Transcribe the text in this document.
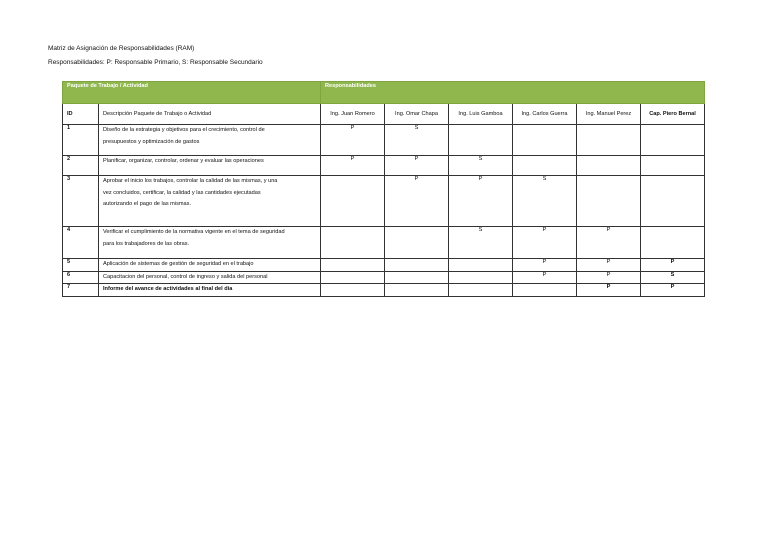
Matriz de Asignación de Responsabilidades (RAM)
Responsabilidades: P: Responsable Primario, S: Responsable Secundario
Paquete de Trabajo / Actividad		Responsabilidades					
ID	Descripción Paquete de Trabajo o Actividad	Ing. Juan Romero	Ing. Omar Chapa	Ing. Luis Gamboa	Ing. Carlos Guerra	Ing. Manuel Perez	Cap. Piero Bernal
1	Diseño de la estrategia y objetivos para el crecimiento, control de
presupuestos y optimización de gastos	P	S				
2	Planificar, organizar, controlar, ordenar y evaluar las operaciones	P	P	S			
3	Aprobar el inicio los trabajos, controlar la calidad de las mismas, y una
vez concluidos, certificar, la calidad y las cantidades ejecutadas
autorizando el pago de las mismas.		P	P	S		
4	Verificar el cumplimiento de la normativa vigente en el tema de seguridad
para los trabajadores de las obras.			S	P	P	
5	Aplicación de sistemas de gestión de seguridad en el trabajo				P	P	P
6	Capacitacion del personal, control de ingreso y salida del personal				P	P	S
7	Informe del avance de actividades al final del dia					P	P
